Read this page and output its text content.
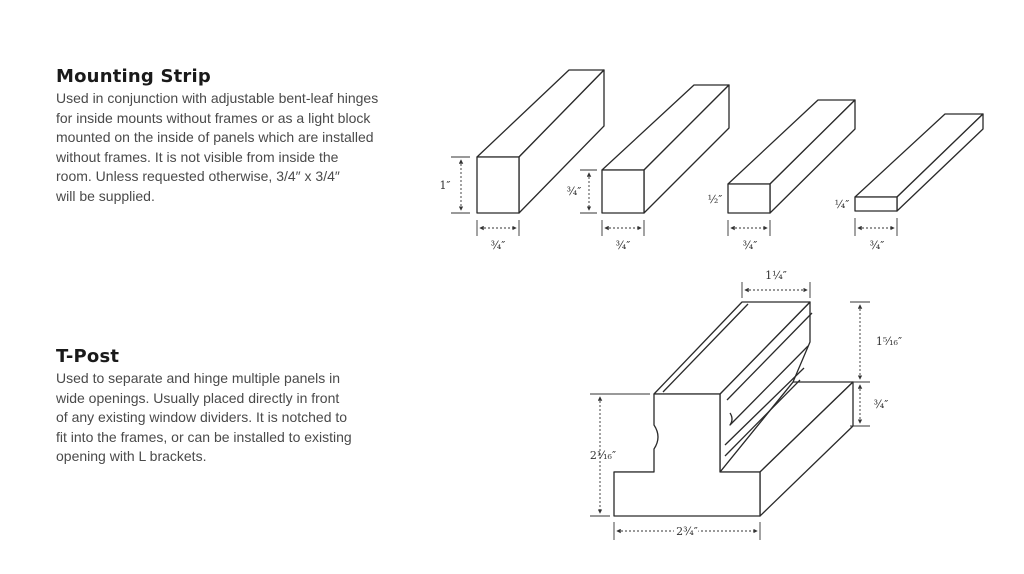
Mounting Strip

Used in conjunction with adjustable bent-leaf hinges
for inside mounts without frames or as a light block
mounted on the inside of panels which are installed
without frames. It is not visible from inside the
room. Unless requested otherwise, 3/4″ x 3/4″
will be supplied.

T-Post

Used to separate and hinge multiple panels in
wide openings. Usually placed directly in front
of any existing window dividers. It is notched to
fit into the frames, or can be installed to existing
opening with L brackets.

1″
¾″
¾″
¾″
½″
¾″
¼″
¾″
1¼″
1⁵⁄₁₆″
¾″
2¹⁄₁₆″
2¾″
